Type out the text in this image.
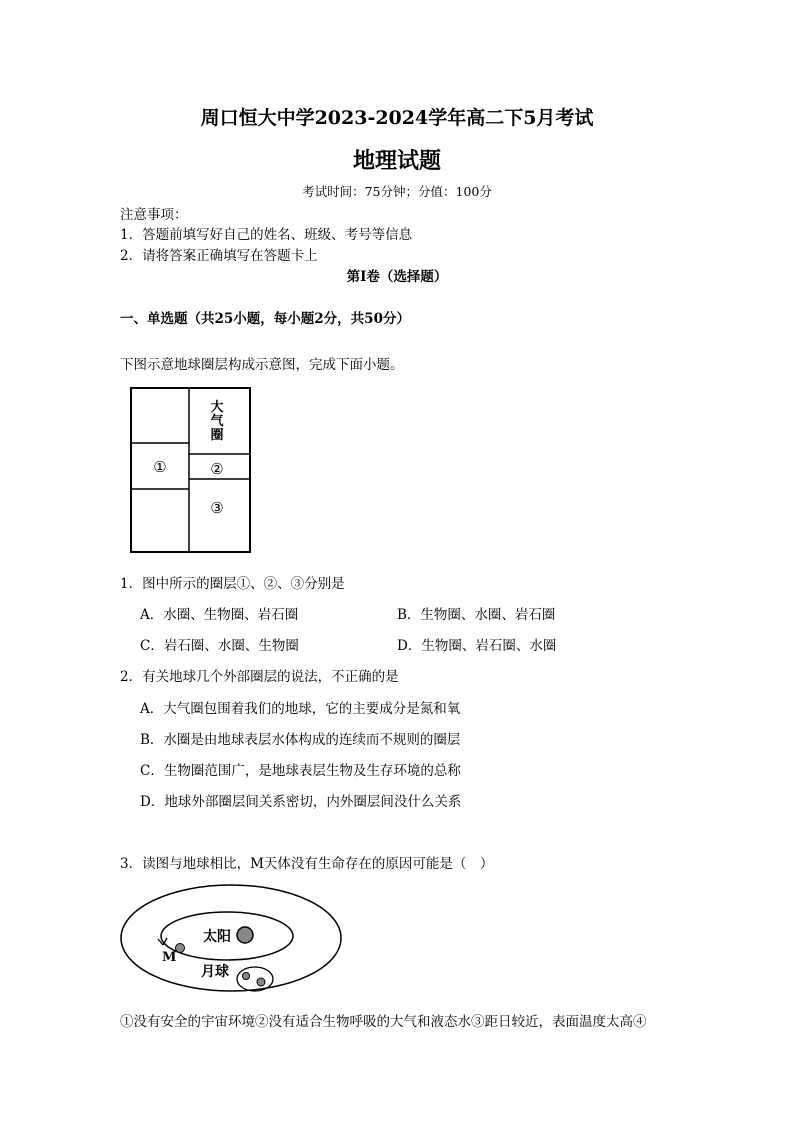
周口恒大中学2023-2024学年高二下5月考试
地理试题
考试时间：75分钟；分值：100分
注意事项：
1．答题前填写好自己的姓名、班级、考号等信息
2．请将答案正确填写在答题卡上
第I卷（选择题）
一、单选题（共25小题，每小题2分，共50分）
下图示意地球圈层构成示意图，完成下面小题。
大
气
圈
①	②
③
1．图中所示的圈层①、②、③分别是
A．水圈、生物圈、岩石圈	B．生物圈、水圈、岩石圈
C．岩石圈、水圈、生物圈	D．生物圈、岩石圈、水圈
2．有关地球几个外部圈层的说法，不正确的是
A．大气圈包围着我们的地球，它的主要成分是氮和氧
B．水圈是由地球表层水体构成的连续而不规则的圈层
C．生物圈范围广，是地球表层生物及生存环境的总称
D．地球外部圈层间关系密切，内外圈层间没什么关系
3．读图与地球相比，M天体没有生命存在的原因可能是（　）
太阳
M
月球
①没有安全的宇宙环境②没有适合生物呼吸的大气和液态水③距日较近，表面温度太高④
